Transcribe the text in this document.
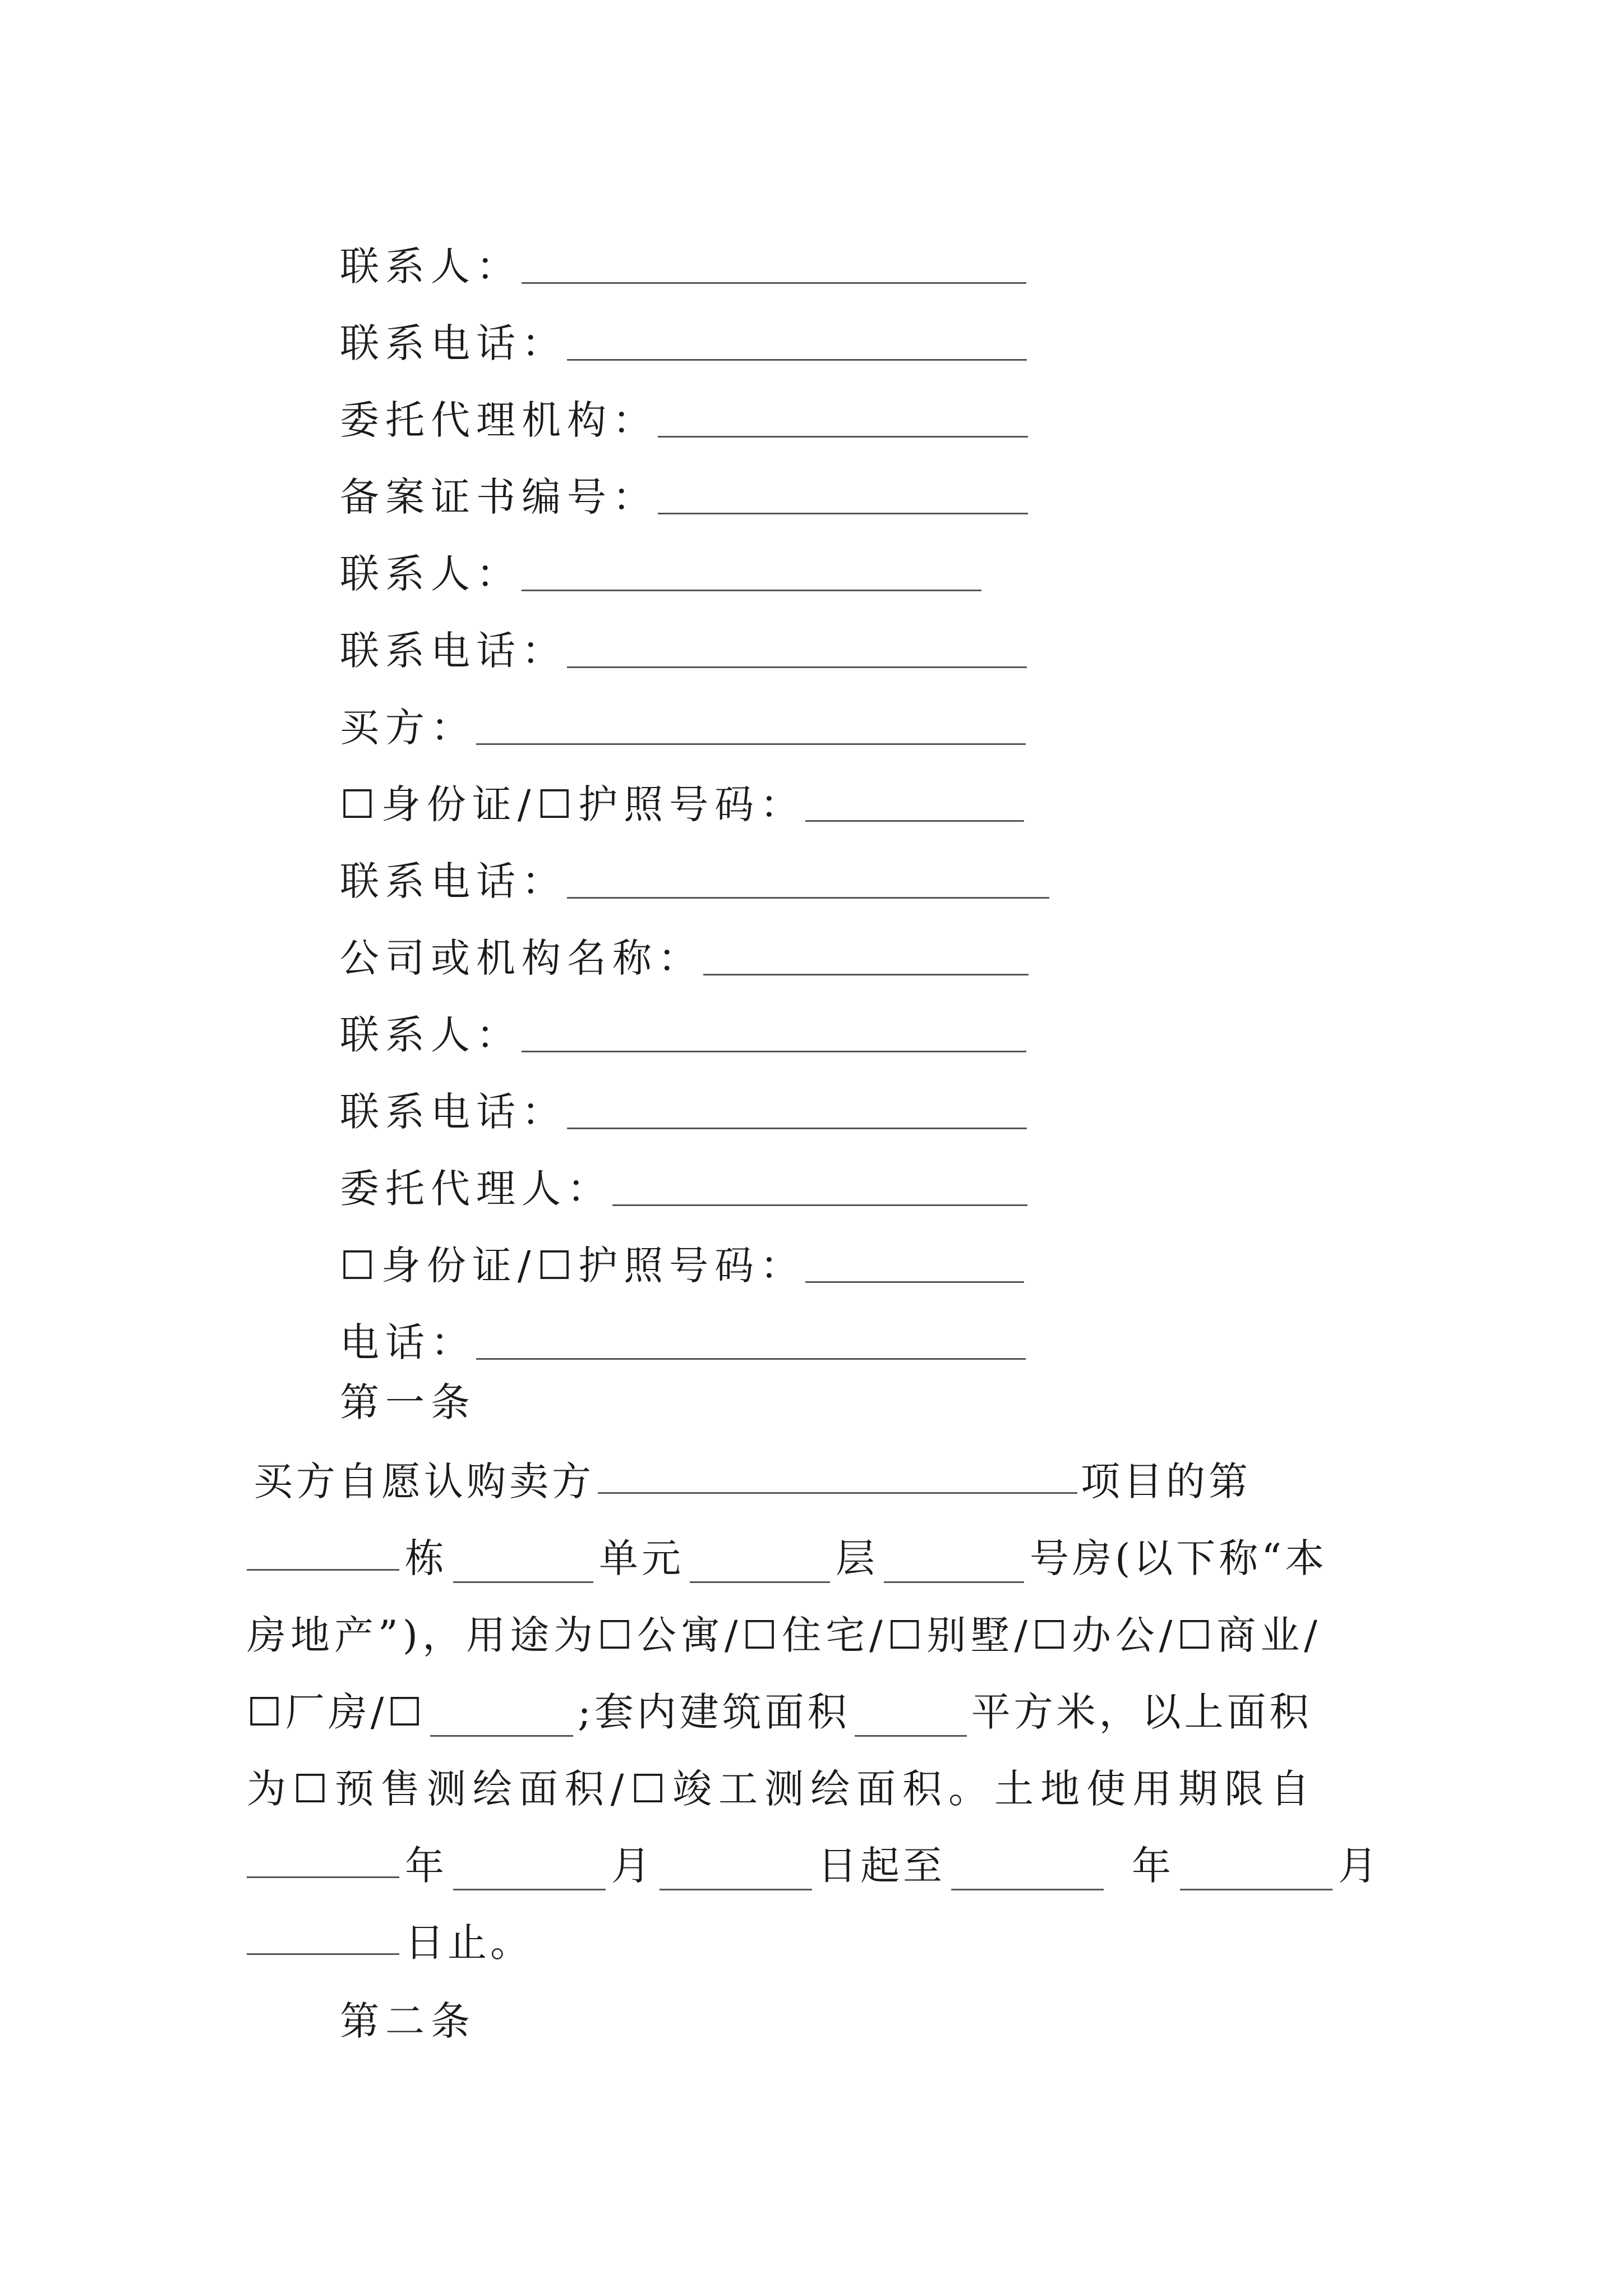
联系人：
联系电话：
委托代理机构：
备案证书编号：
联系人：
联系电话：
买方：
☐身份证/☐护照号码：
联系电话：
公司或机构名称：
联系人：
联系电话：
委托代理人：
☐身份证/☐护照号码：
电话：
第一条
买方自愿认购卖方	项目的第
栋	单元	层	号房(以下称“本
房地产”)，用途为☐公寓/☐住宅/☐别墅/☐办公/☐商业/
☐厂房/☐	;套内建筑面积	平方米，以上面积
为☐预售测绘面积/☐竣工测绘面积。土地使用期限自
年	月	日起至	年	月
日止。
第二条
